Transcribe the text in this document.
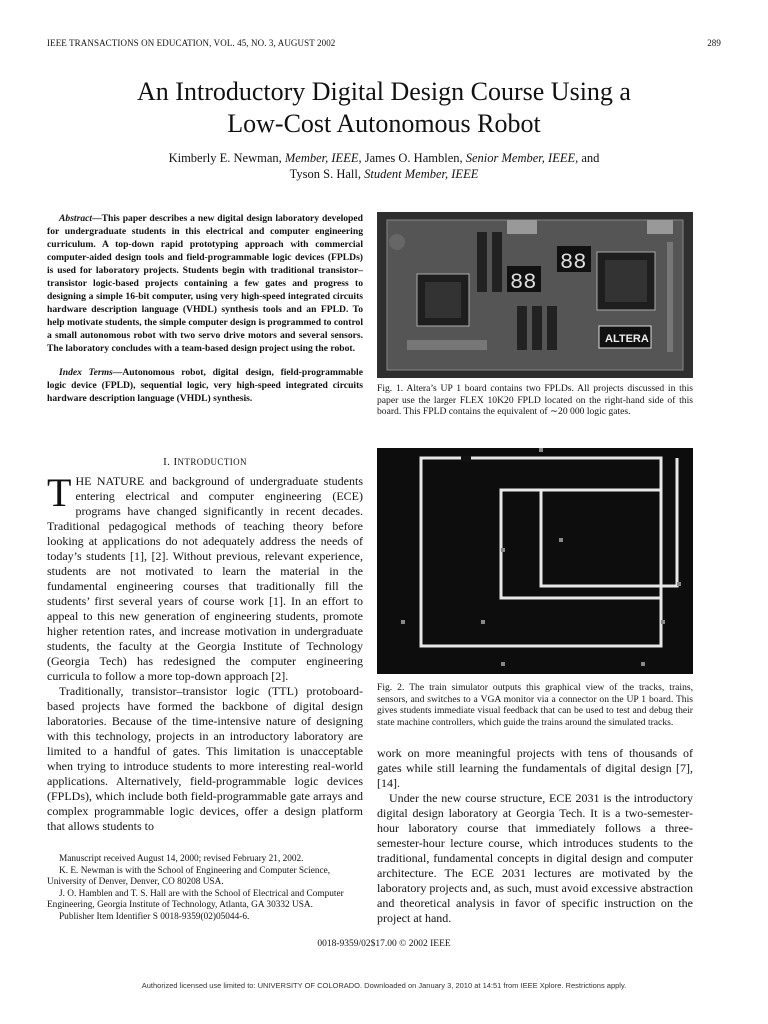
IEEE TRANSACTIONS ON EDUCATION, VOL. 45, NO. 3, AUGUST 2002	289
An Introductory Digital Design Course Using a
Low-Cost Autonomous Robot
Kimberly E. Newman, Member, IEEE, James O. Hamblen, Senior Member, IEEE, and
Tyson S. Hall, Student Member, IEEE
Abstract—This paper describes a new digital design laboratory developed for undergraduate students in this electrical and computer engineering curriculum. A top-down rapid prototyping approach with commercial computer-aided design tools and field-programmable logic devices (FPLDs) is used for laboratory projects. Students begin with traditional transistor–transistor logic-based projects containing a few gates and progress to designing a simple 16-bit computer, using very high-speed integrated circuits hardware description language (VHDL) synthesis tools and an FPLD. To help motivate students, the simple computer design is programmed to control a small autonomous robot with two servo drive motors and several sensors. The laboratory concludes with a team-based design project using the robot.
Index Terms—Autonomous robot, digital design, field-programmable logic device (FPLD), sequential logic, very high-speed integrated circuits hardware description language (VHDL) synthesis.
I. INTRODUCTION

THE NATURE and background of undergraduate students entering electrical and computer engineering (ECE) programs have changed significantly in recent decades. Traditional pedagogical methods of teaching theory before looking at applications do not adequately address the needs of today’s students [1], [2]. Without previous, relevant experience, students are not motivated to learn the material in the fundamental engineering courses that traditionally fill the students’ first several years of course work [1]. In an effort to appeal to this new generation of engineering students, promote higher retention rates, and increase motivation in undergraduate students, the faculty at the Georgia Institute of Technology (Georgia Tech) has redesigned the computer engineering curricula to follow a more top-down approach [2].

Traditionally, transistor–transistor logic (TTL) protoboard-based projects have formed the backbone of digital design laboratories. Because of the time-intensive nature of designing with this technology, projects in an introductory laboratory are limited to a handful of gates. This limitation is unacceptable when trying to introduce students to more interesting real-world applications. Alternatively, field-programmable logic devices (FPLDs), which include both field-programmable gate arrays and complex programmable logic devices, offer a design platform that allows students to

Manuscript received August 14, 2000; revised February 21, 2002.

K. E. Newman is with the School of Engineering and Computer Science, University of Denver, Denver, CO 80208 USA.

J. O. Hamblen and T. S. Hall are with the School of Electrical and Computer Engineering, Georgia Institute of Technology, Atlanta, GA 30332 USA.

Publisher Item Identifier S 0018-9359(02)05044-6.

88
88
ALTERA
Fig. 1. Altera’s UP 1 board contains two FPLDs. All projects discussed in this paper use the larger FLEX 10K20 FPLD located on the right-hand side of this board. This FPLD contains the equivalent of ∼20 000 logic gates.
Fig. 2. The train simulator outputs this graphical view of the tracks, trains, sensors, and switches to a VGA monitor via a connector on the UP 1 board. This gives students immediate visual feedback that can be used to test and debug their state machine controllers, which guide the trains around the simulated tracks.

work on more meaningful projects with tens of thousands of gates while still learning the fundamentals of digital design [7], [14].

Under the new course structure, ECE 2031 is the introductory digital design laboratory at Georgia Tech. It is a two-semester-hour laboratory course that immediately follows a three-semester-hour lecture course, which introduces students to the traditional, fundamental concepts in digital design and computer architecture. The ECE 2031 lectures are motivated by the laboratory projects and, as such, must avoid excessive abstraction and theoretical analysis in favor of specific instruction on the project at hand.

0018-9359/02$17.00 © 2002 IEEE
Authorized licensed use limited to: UNIVERSITY OF COLORADO. Downloaded on January 3, 2010 at 14:51 from IEEE Xplore. Restrictions apply.
